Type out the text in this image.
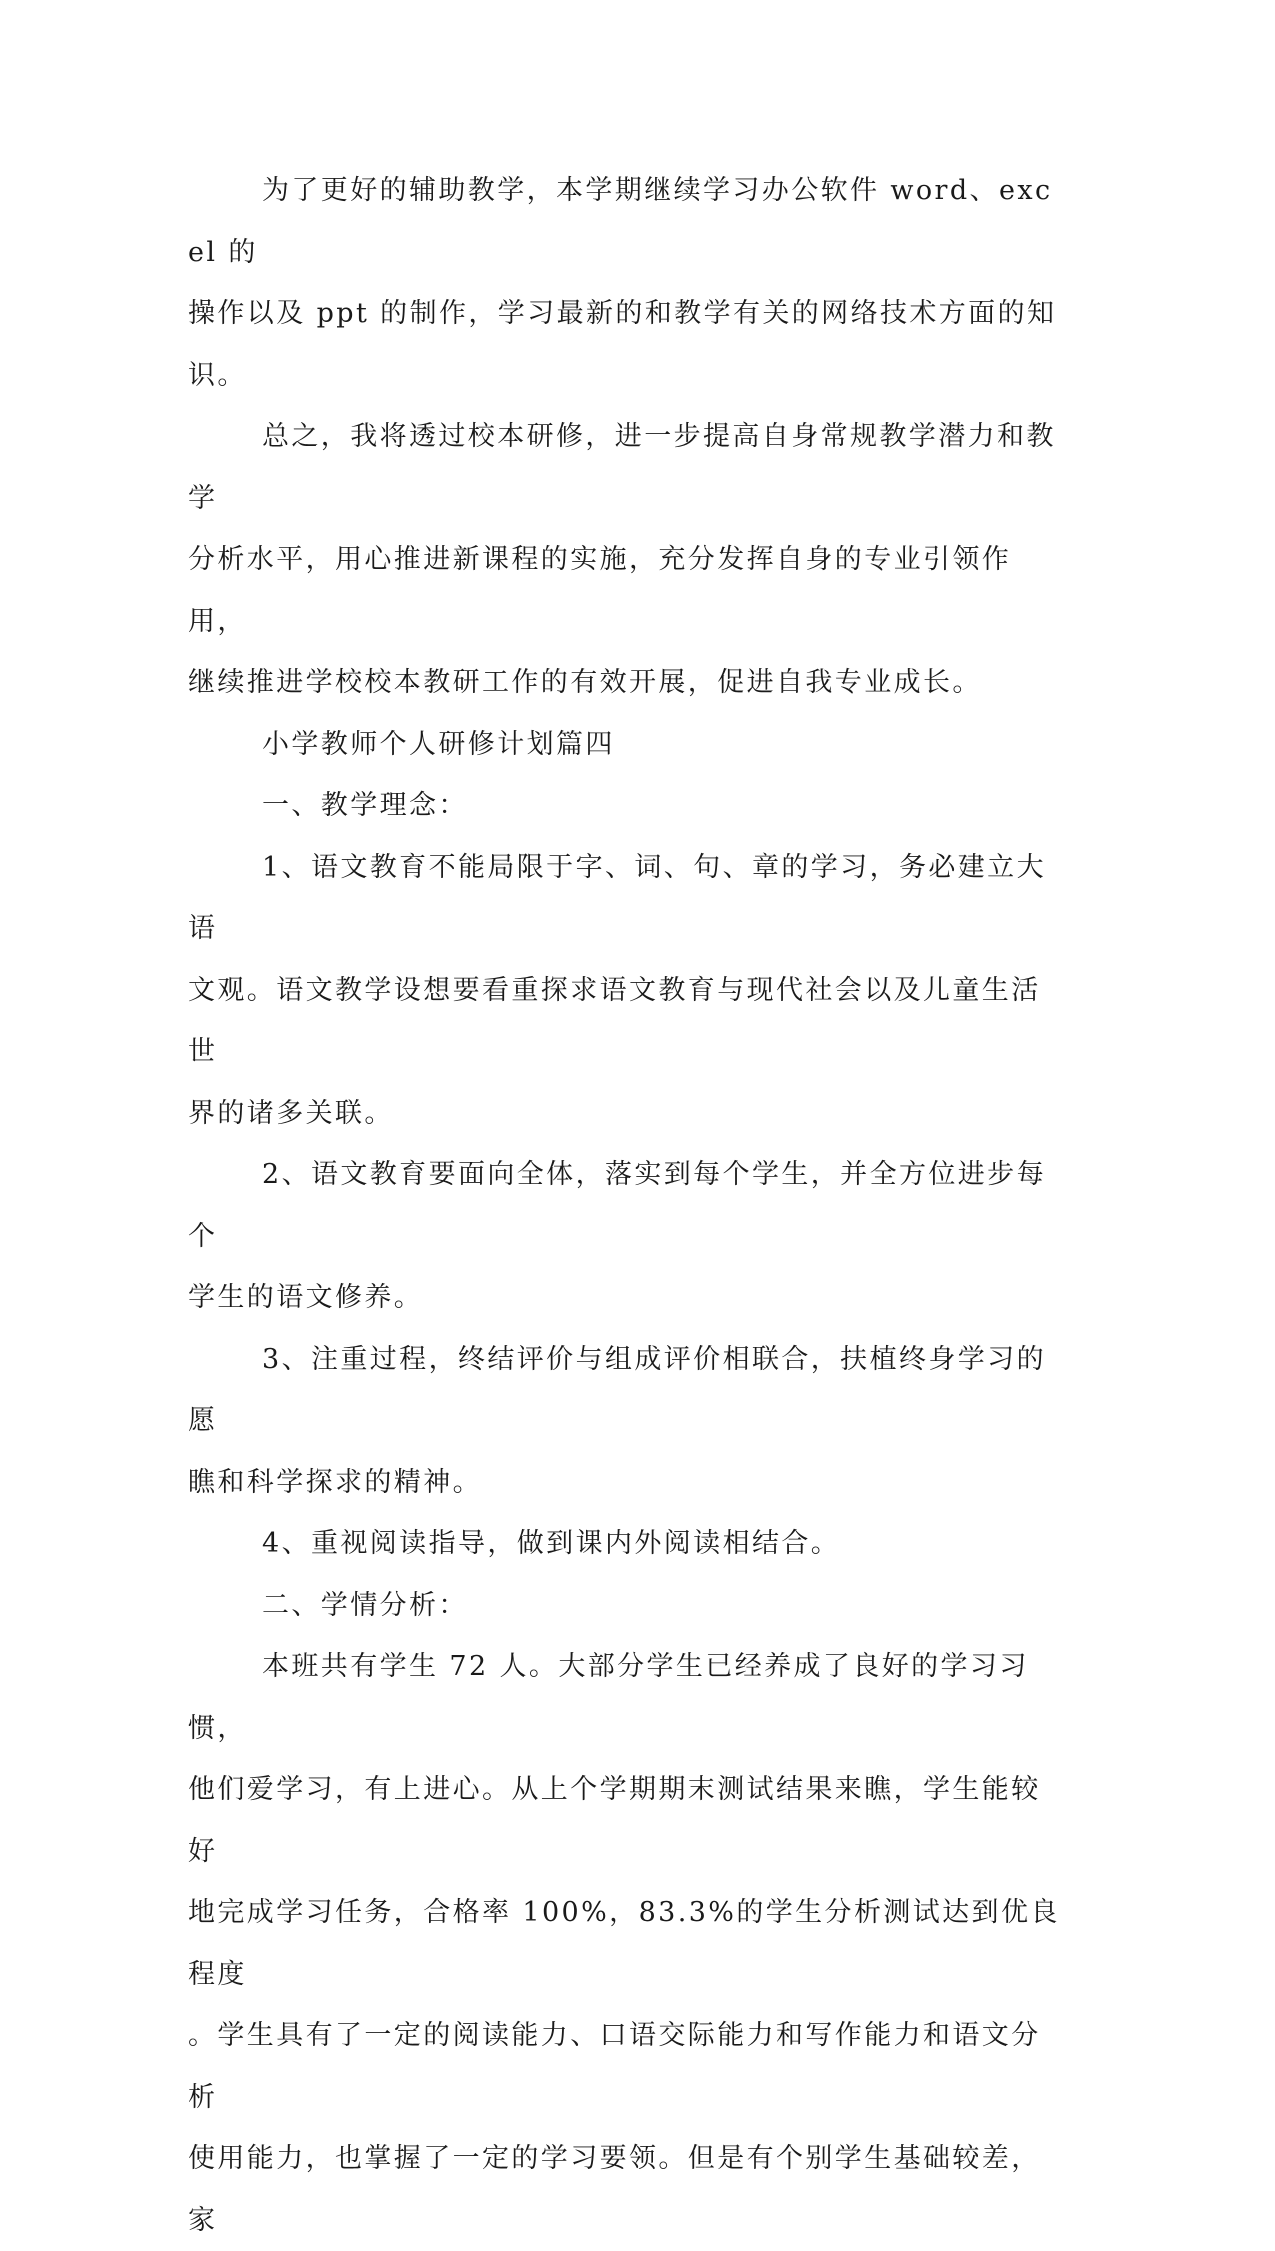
为了更好的辅助教学，本学期继续学习办公软件 word、excel 的
操作以及 ppt 的制作，学习最新的和教学有关的网络技术方面的知识。

总之，我将透过校本研修，进一步提高自身常规教学潜力和教学
分析水平，用心推进新课程的实施，充分发挥自身的专业引领作用，
继续推进学校校本教研工作的有效开展，促进自我专业成长。

小学教师个人研修计划篇四

一、教学理念：

1、语文教育不能局限于字、词、句、章的学习，务必建立大语
文观。语文教学设想要看重探求语文教育与现代社会以及儿童生活世
界的诸多关联。

2、语文教育要面向全体，落实到每个学生，并全方位进步每个
学生的语文修养。

3、注重过程，终结评价与组成评价相联合，扶植终身学习的愿
瞧和科学探求的精神。

4、重视阅读指导，做到课内外阅读相结合。

二、学情分析：

本班共有学生 72 人。大部分学生已经养成了良好的学习习惯，
他们爱学习，有上进心。从上个学期期末测试结果来瞧，学生能较好
地完成学习任务，合格率 100%，83.3%的学生分析测试达到优良程度
。学生具有了一定的阅读能力、口语交际能力和写作能力和语文分析
使用能力，也掌握了一定的学习要领。但是有个别学生基础较差，家
